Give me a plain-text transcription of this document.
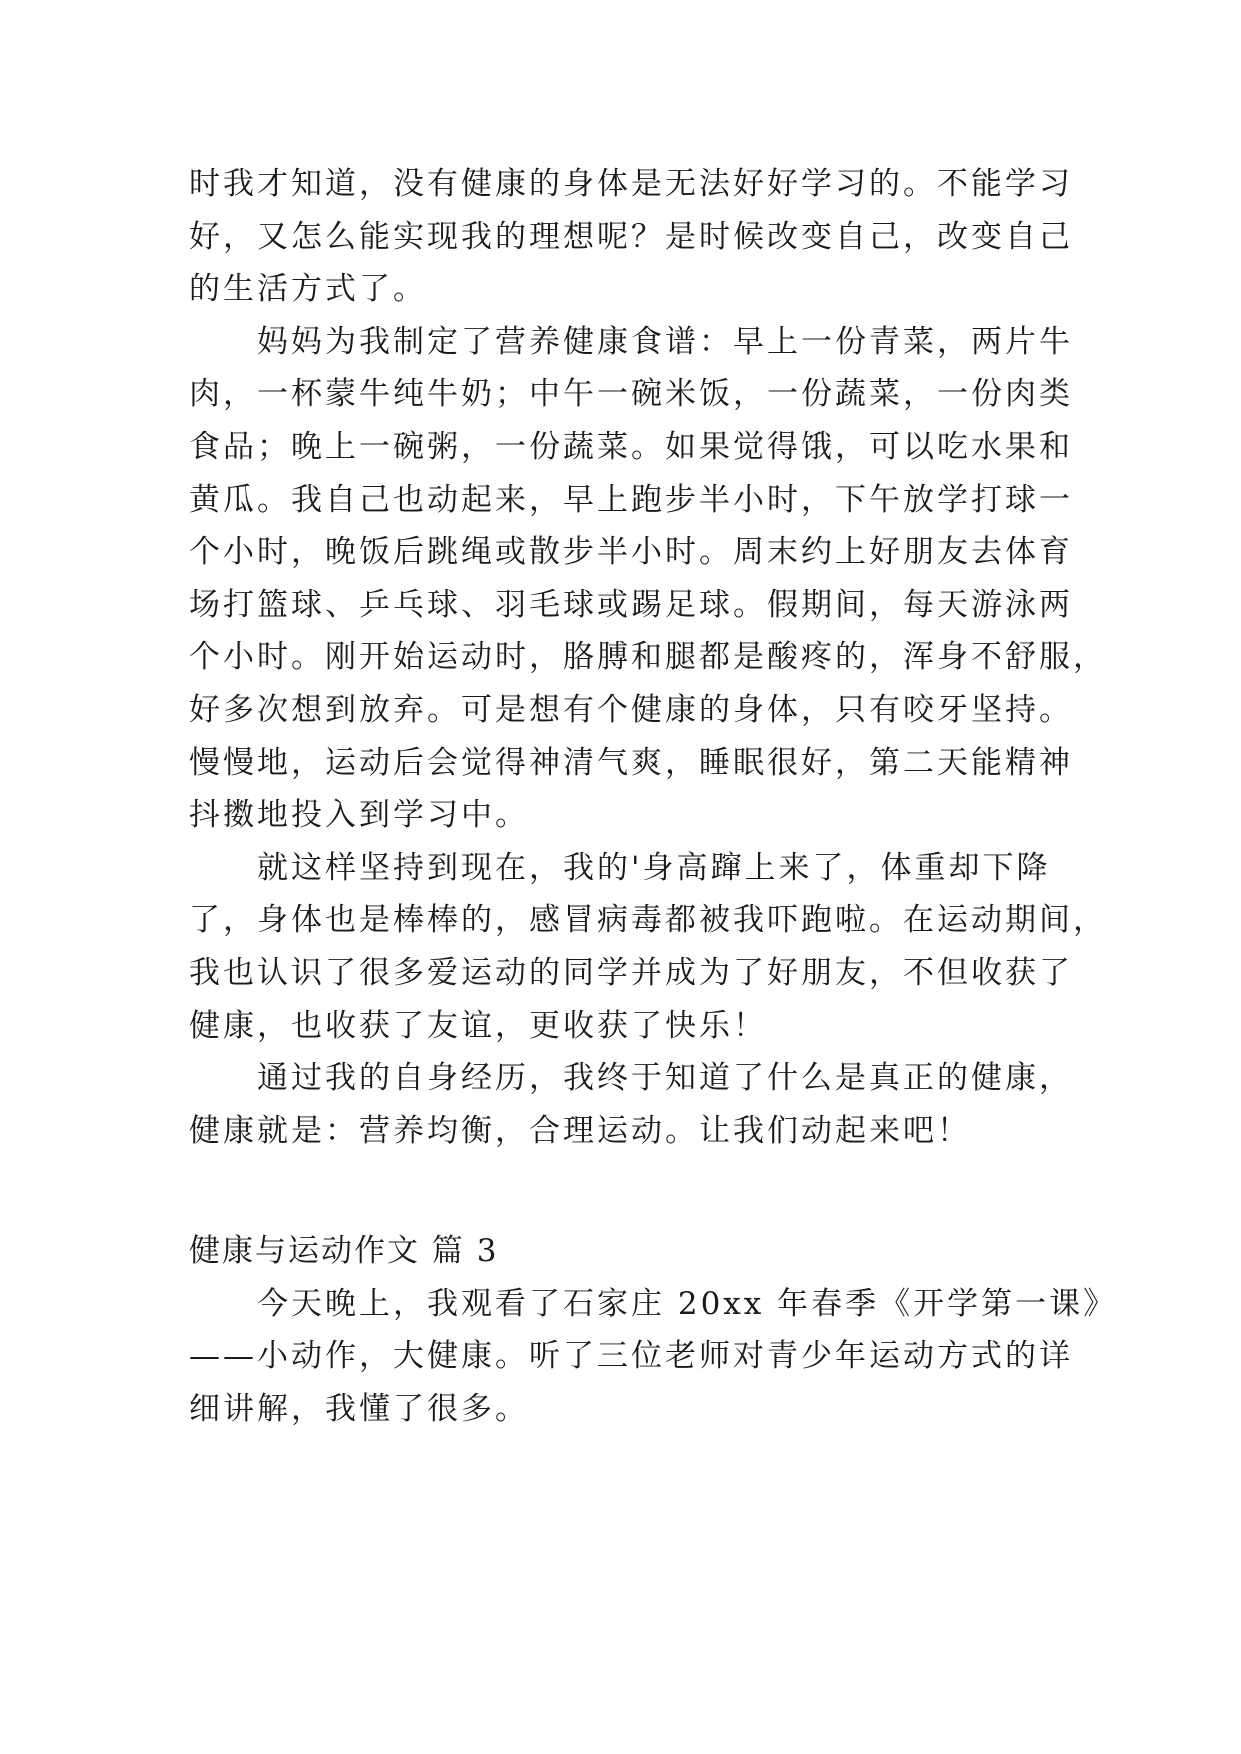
时我才知道，没有健康的身体是无法好好学习的。不能学习
好，又怎么能实现我的理想呢？是时候改变自己，改变自己
的生活方式了。
妈妈为我制定了营养健康食谱：早上一份青菜，两片牛
肉，一杯蒙牛纯牛奶；中午一碗米饭，一份蔬菜，一份肉类
食品；晚上一碗粥，一份蔬菜。如果觉得饿，可以吃水果和
黄瓜。我自己也动起来，早上跑步半小时，下午放学打球一
个小时，晚饭后跳绳或散步半小时。周末约上好朋友去体育
场打篮球、乒乓球、羽毛球或踢足球。假期间，每天游泳两
个小时。刚开始运动时，胳膊和腿都是酸疼的，浑身不舒服，
好多次想到放弃。可是想有个健康的身体，只有咬牙坚持。
慢慢地，运动后会觉得神清气爽，睡眠很好，第二天能精神
抖擞地投入到学习中。
就这样坚持到现在，我的'身高蹿上来了，体重却下降
了，身体也是棒棒的，感冒病毒都被我吓跑啦。在运动期间，
我也认识了很多爱运动的同学并成为了好朋友，不但收获了
健康，也收获了友谊，更收获了快乐！
通过我的自身经历，我终于知道了什么是真正的健康，
健康就是：营养均衡，合理运动。让我们动起来吧！
健康与运动作文 篇 3
今天晚上，我观看了石家庄 20xx 年春季《开学第一课》
——小动作，大健康。听了三位老师对青少年运动方式的详
细讲解，我懂了很多。
